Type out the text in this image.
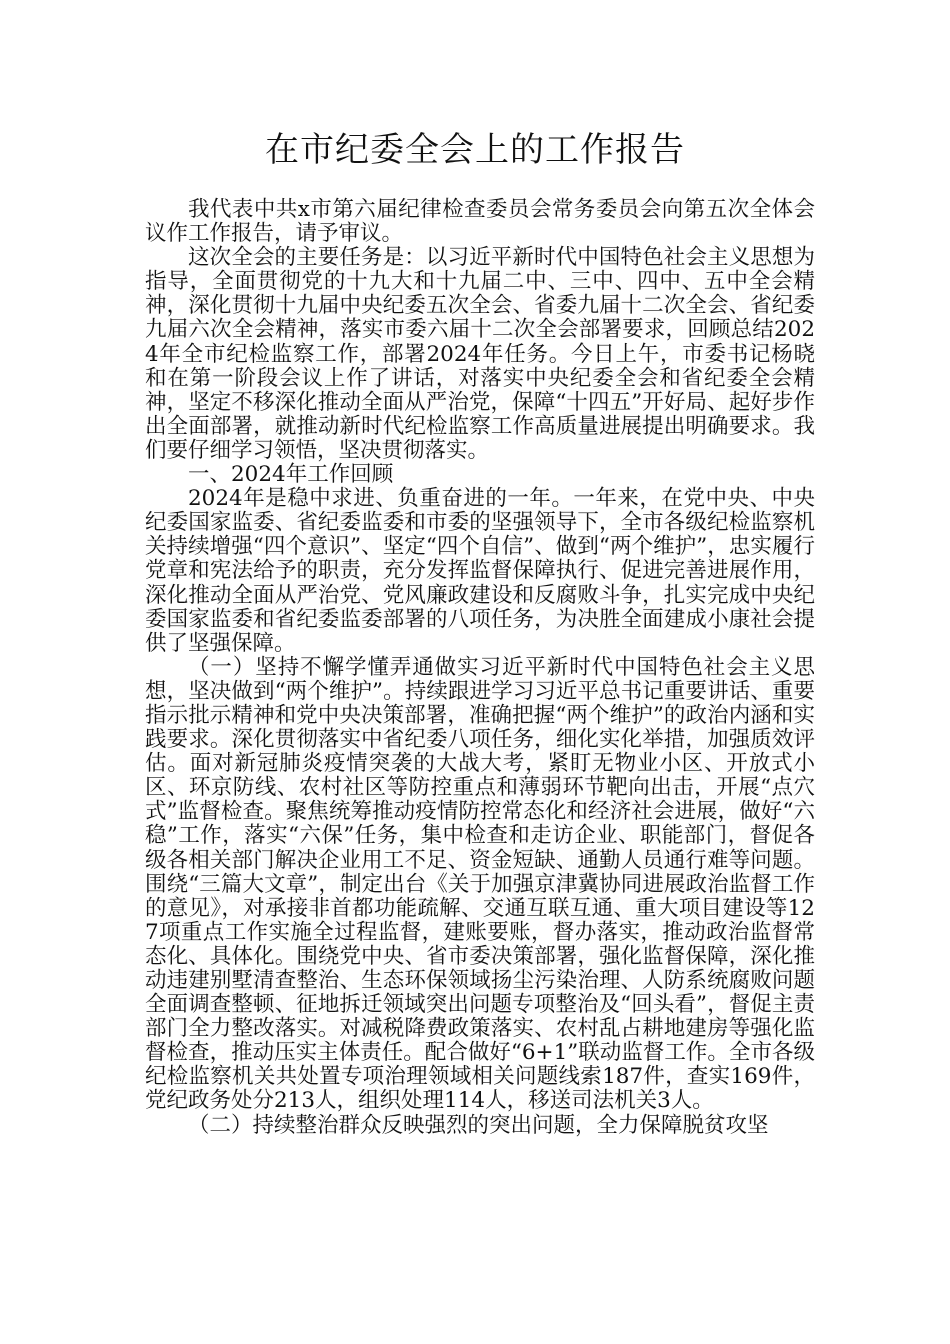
在市纪委全会上的工作报告

我代表中共x市第六届纪律检查委员会常务委员会向第五次全体会议作工作报告，请予审议。

这次全会的主要任务是：以习近平新时代中国特色社会主义思想为指导，全面贯彻党的十九大和十九届二中、三中、四中、五中全会精神，深化贯彻十九届中央纪委五次全会、省委九届十二次全会、省纪委九届六次全会精神，落实市委六届十二次全会部署要求，回顾总结2024年全市纪检监察工作，部署2024年任务。今日上午，市委书记杨晓和在第一阶段会议上作了讲话，对落实中央纪委全会和省纪委全会精神，坚定不移深化推动全面从严治党，保障“十四五”开好局、起好步作出全面部署，就推动新时代纪检监察工作高质量进展提出明确要求。我们要仔细学习领悟，坚决贯彻落实。

一、2024年工作回顾

2024年是稳中求进、负重奋进的一年。一年来，在党中央、中央纪委国家监委、省纪委监委和市委的坚强领导下，全市各级纪检监察机关持续增强“四个意识”、坚定“四个自信”、做到“两个维护”，忠实履行党章和宪法给予的职责，充分发挥监督保障执行、促进完善进展作用，深化推动全面从严治党、党风廉政建设和反腐败斗争，扎实完成中央纪委国家监委和省纪委监委部署的八项任务，为决胜全面建成小康社会提供了坚强保障。

（一）坚持不懈学懂弄通做实习近平新时代中国特色社会主义思想，坚决做到“两个维护”。持续跟进学习习近平总书记重要讲话、重要指示批示精神和党中央决策部署，准确把握“两个维护”的政治内涵和实践要求。深化贯彻落实中省纪委八项任务，细化实化举措，加强质效评估。面对新冠肺炎疫情突袭的大战大考，紧盯无物业小区、开放式小区、环京防线、农村社区等防控重点和薄弱环节靶向出击，开展“点穴式”监督检查。聚焦统筹推动疫情防控常态化和经济社会进展，做好“六稳”工作，落实“六保”任务，集中检查和走访企业、职能部门，督促各级各相关部门解决企业用工不足、资金短缺、通勤人员通行难等问题。围绕“三篇大文章”，制定出台《关于加强京津冀协同进展政治监督工作的意见》，对承接非首都功能疏解、交通互联互通、重大项目建设等127项重点工作实施全过程监督，建账要账，督办落实，推动政治监督常态化、具体化。围绕党中央、省市委决策部署，强化监督保障，深化推动违建别墅清查整治、生态环保领域扬尘污染治理、人防系统腐败问题全面调查整顿、征地拆迁领域突出问题专项整治及“回头看”，督促主责部门全力整改落实。对减税降费政策落实、农村乱占耕地建房等强化监督检查，推动压实主体责任。配合做好“6+1”联动监督工作。全市各级纪检监察机关共处置专项治理领域相关问题线索187件，查实169件，党纪政务处分213人，组织处理114人，移送司法机关3人。

（二）持续整治群众反映强烈的突出问题，全力保障脱贫攻坚
